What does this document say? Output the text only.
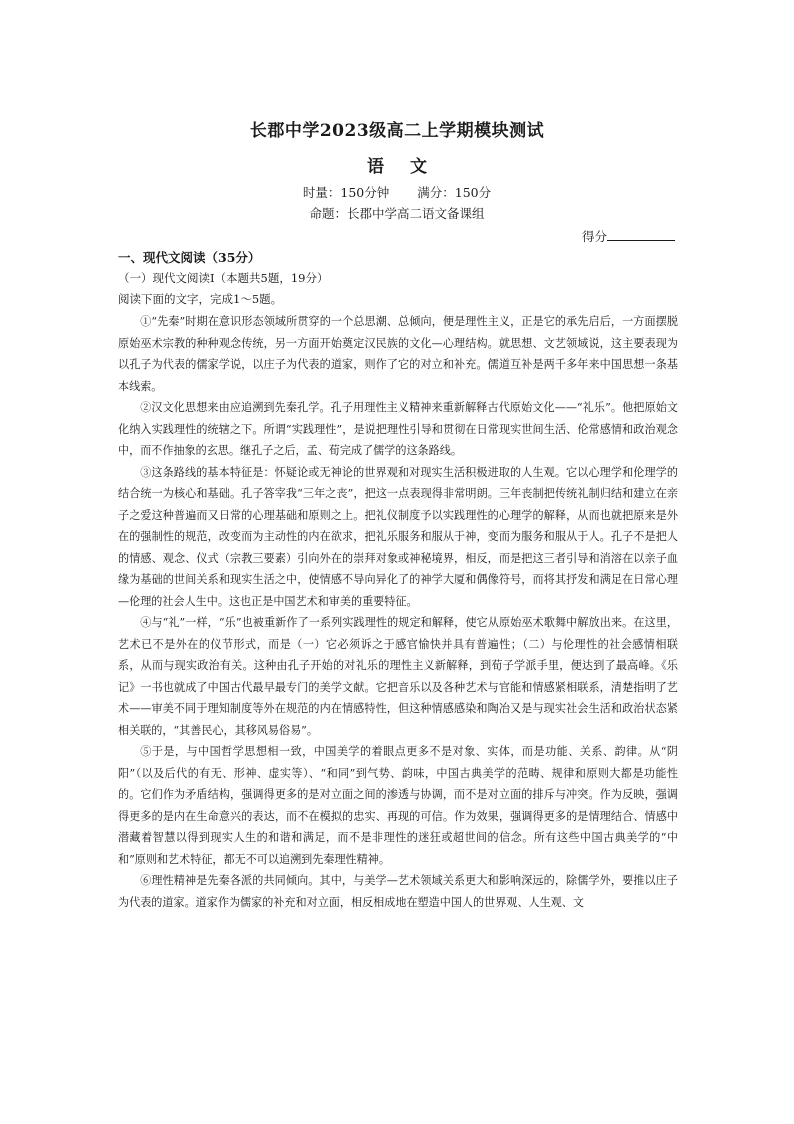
长郡中学2023级高二上学期模块测试
语文
时量：150分钟 满分：150分
命题：长郡中学高二语文备课组
得分
一、现代文阅读（35分）
（一）现代文阅读Ⅰ（本题共5题，19分）
阅读下面的文字，完成1～5题。

①“先秦”时期在意识形态领域所贯穿的一个总思潮、总倾向，便是理性主义，正是它的承先启后，一方面摆脱原始巫术宗教的种种观念传统，另一方面开始奠定汉民族的文化—心理结构。就思想、文艺领域说，这主要表现为以孔子为代表的儒家学说，以庄子为代表的道家，则作了它的对立和补充。儒道互补是两千多年来中国思想一条基本线索。

②汉文化思想来由应追溯到先秦孔学。孔子用理性主义精神来重新解释古代原始文化——“礼乐”。他把原始文化纳入实践理性的统辖之下。所谓“实践理性”，是说把理性引导和贯彻在日常现实世间生活、伦常感情和政治观念中，而不作抽象的玄思。继孔子之后，孟、荀完成了儒学的这条路线。

③这条路线的基本特征是：怀疑论或无神论的世界观和对现实生活积极进取的人生观。它以心理学和伦理学的结合统一为核心和基础。孔子答宰我“三年之丧”，把这一点表现得非常明朗。三年丧制把传统礼制归结和建立在亲子之爱这种普遍而又日常的心理基础和原则之上。把礼仪制度予以实践理性的心理学的解释，从而也就把原来是外在的强制性的规范，改变而为主动性的内在欲求，把礼乐服务和服从于神，变而为服务和服从于人。孔子不是把人的情感、观念、仪式（宗教三要素）引向外在的崇拜对象或神秘境界，相反，而是把这三者引导和消溶在以亲子血缘为基础的世间关系和现实生活之中，使情感不导向异化了的神学大厦和偶像符号，而将其抒发和满足在日常心理—伦理的社会人生中。这也正是中国艺术和审美的重要特征。

④与“礼”一样，“乐”也被重新作了一系列实践理性的规定和解释，使它从原始巫术歌舞中解放出来。在这里，艺术已不是外在的仪节形式，而是（一）它必须诉之于感官愉快并具有普遍性；（二）与伦理性的社会感情相联系，从而与现实政治有关。这种由孔子开始的对礼乐的理性主义新解释，到荀子学派手里，便达到了最高峰。《乐记》一书也就成了中国古代最早最专门的美学文献。它把音乐以及各种艺术与官能和情感紧相联系，清楚指明了艺术——审美不同于理知制度等外在规范的内在情感特性，但这种情感感染和陶冶又是与现实社会生活和政治状态紧相关联的，“其善民心，其移风易俗易”。

⑤于是，与中国哲学思想相一致，中国美学的着眼点更多不是对象、实体，而是功能、关系、韵律。从“阴阳”（以及后代的有无、形神、虚实等）、“和同”到气势、韵味，中国古典美学的范畴、规律和原则大都是功能性的。它们作为矛盾结构，强调得更多的是对立面之间的渗透与协调，而不是对立面的排斥与冲突。作为反映，强调得更多的是内在生命意兴的表达，而不在模拟的忠实、再现的可信。作为效果，强调得更多的是情理结合、情感中潜藏着智慧以得到现实人生的和谐和满足，而不是非理性的迷狂或超世间的信念。所有这些中国古典美学的“中和”原则和艺术特征，都无不可以追溯到先秦理性精神。

⑥理性精神是先秦各派的共同倾向。其中，与美学—艺术领域关系更大和影响深远的，除儒学外，要推以庄子为代表的道家。道家作为儒家的补充和对立面，相反相成地在塑造中国人的世界观、人生观、文
